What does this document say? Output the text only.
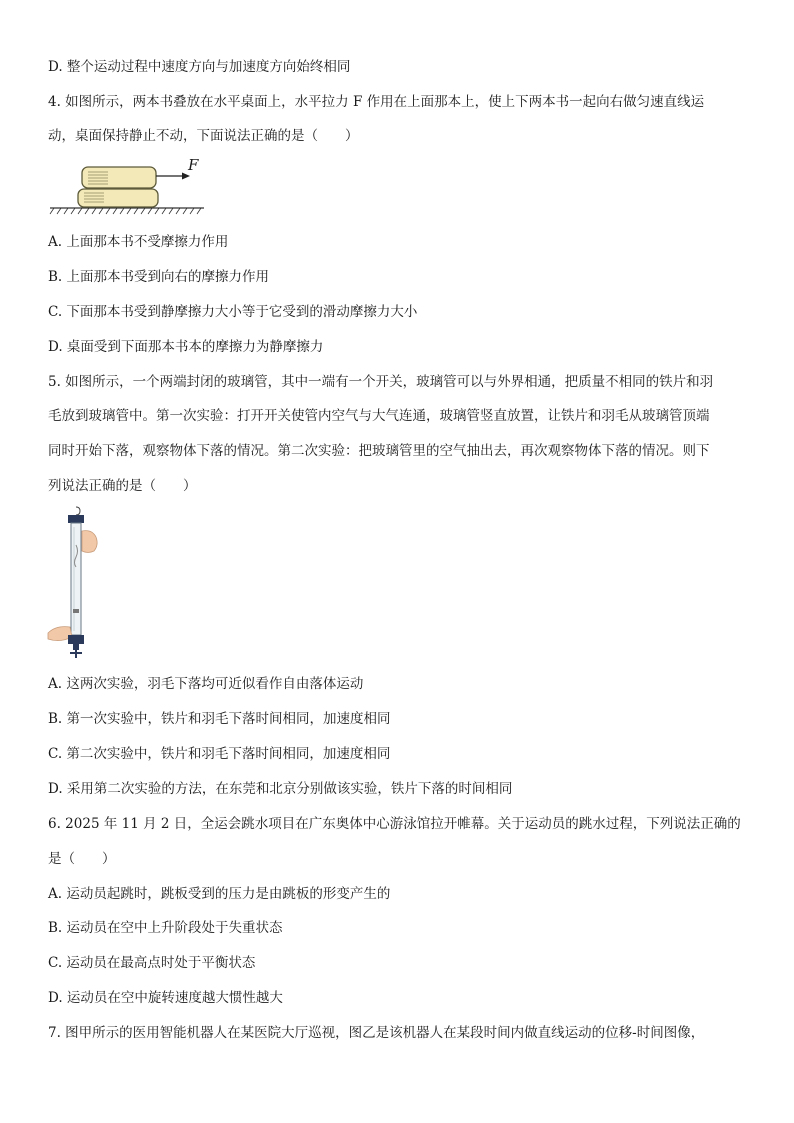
D. 整个运动过程中速度方向与加速度方向始终相同
4. 如图所示，两本书叠放在水平桌面上，水平拉力 F 作用在上面那本上，使上下两本书一起向右做匀速直线运
动，桌面保持静止不动，下面说法正确的是（　　）
F
A. 上面那本书不受摩擦力作用
B. 上面那本书受到向右的摩擦力作用
C. 下面那本书受到静摩擦力大小等于它受到的滑动摩擦力大小
D. 桌面受到下面那本书本的摩擦力为静摩擦力
5. 如图所示，一个两端封闭的玻璃管，其中一端有一个开关，玻璃管可以与外界相通，把质量不相同的铁片和羽
毛放到玻璃管中。第一次实验：打开开关使管内空气与大气连通，玻璃管竖直放置，让铁片和羽毛从玻璃管顶端
同时开始下落，观察物体下落的情况。第二次实验：把玻璃管里的空气抽出去，再次观察物体下落的情况。则下
列说法正确的是（　　）
A. 这两次实验，羽毛下落均可近似看作自由落体运动
B. 第一次实验中，铁片和羽毛下落时间相同，加速度相同
C. 第二次实验中，铁片和羽毛下落时间相同，加速度相同
D. 采用第二次实验的方法，在东莞和北京分别做该实验，铁片下落的时间相同
6. 2025 年 11 月 2 日，全运会跳水项目在广东奥体中心游泳馆拉开帷幕。关于运动员的跳水过程，下列说法正确的
是（　　）
A. 运动员起跳时，跳板受到的压力是由跳板的形变产生的
B. 运动员在空中上升阶段处于失重状态
C. 运动员在最高点时处于平衡状态
D. 运动员在空中旋转速度越大惯性越大
7. 图甲所示的医用智能机器人在某医院大厅巡视，图乙是该机器人在某段时间内做直线运动的位移-时间图像，
